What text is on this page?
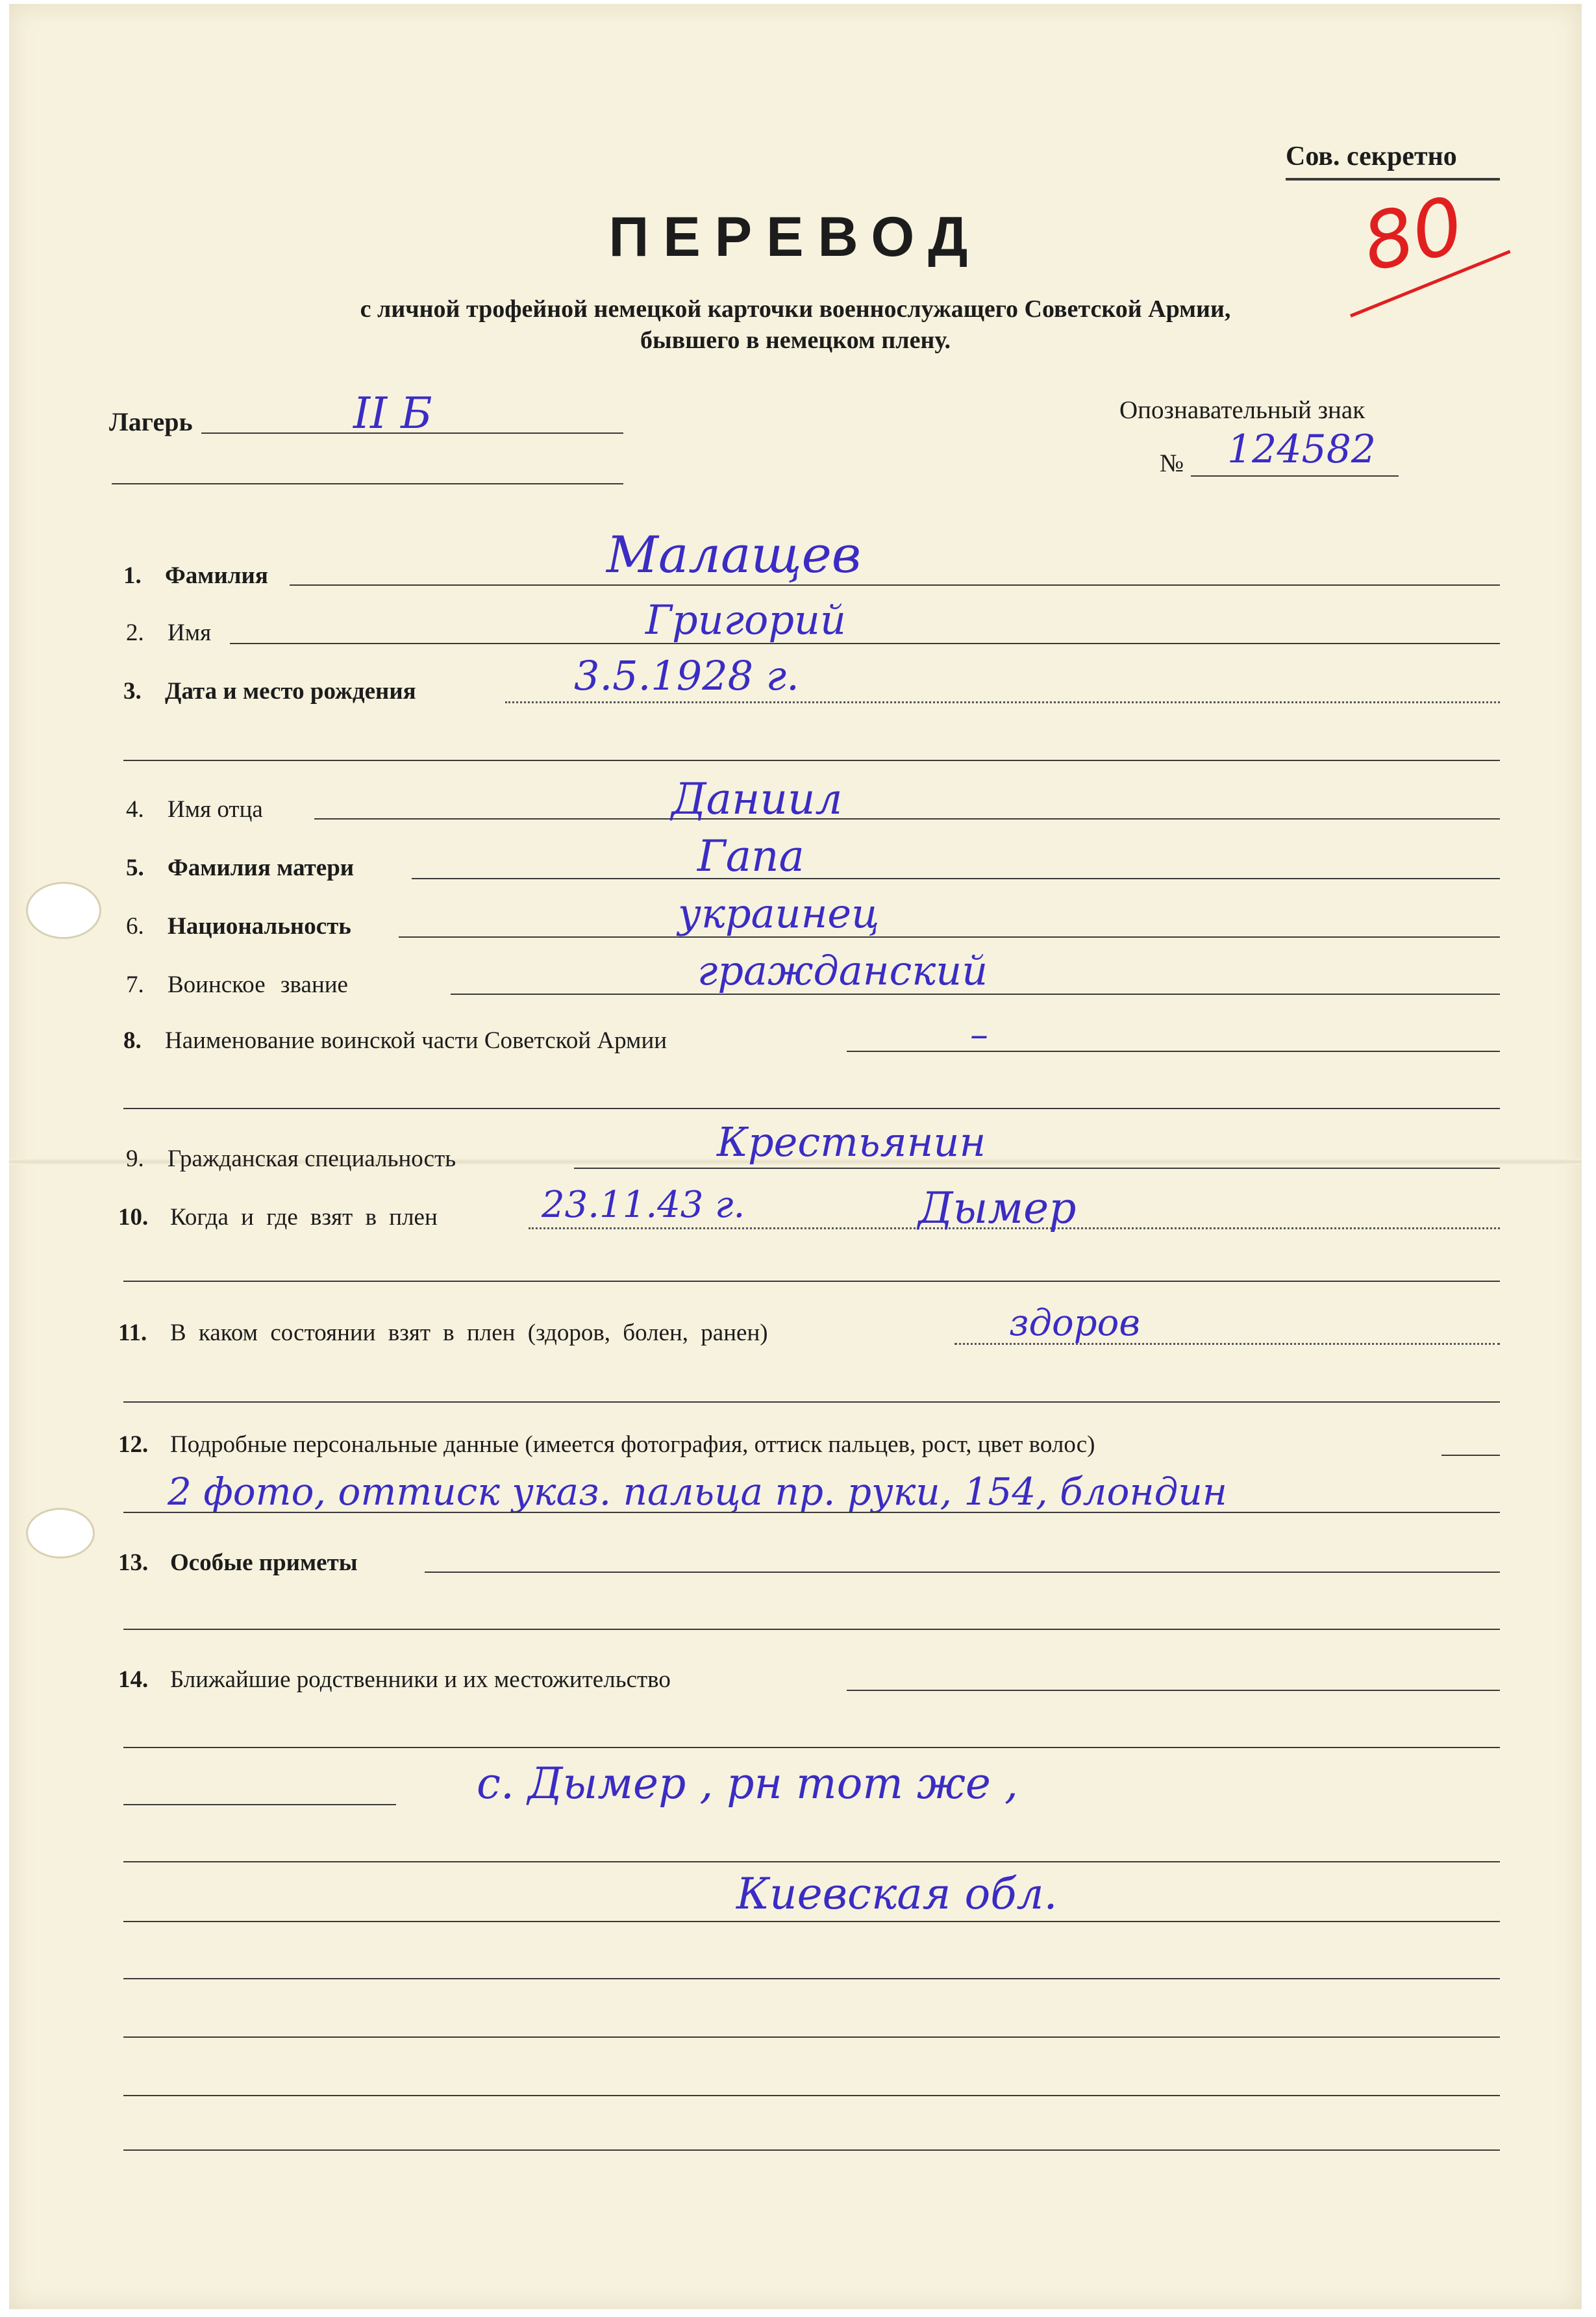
Сов. секретно
80
ПЕРЕВОД
с личной трофейной немецкой карточки военнослужащего Советской Армии,
бывшего в немецком плену.
Лагерь	II Б	Опознавательный знак
№ 124582
1. Фамилия	Малащев
2. Имя	Григорий
3. Дата и место рождения	3.5.1928 г.
4. Имя отца	Даниил
5. Фамилия матери	Гапа
6. Национальность	украинец
7. Воинское звание	гражданский
8. Наименование воинской части Советской Армии	–
9. Гражданская специальность	Крестьянин
10. Когда и где взят в плен	23.11.43 г.	Дымер
11. В каком состоянии взят в плен (здоров, болен, ранен)	здоров
12. Подробные персональные данные (имеется фотография, оттиск пальцев, рост, цвет волос)
2 фото, оттиск указ. пальца пр. руки, 154, блондин
13. Особые приметы
14. Ближайшие родственники и их местожительство
с. Дымер , рн тот же ,
Киевская обл.
